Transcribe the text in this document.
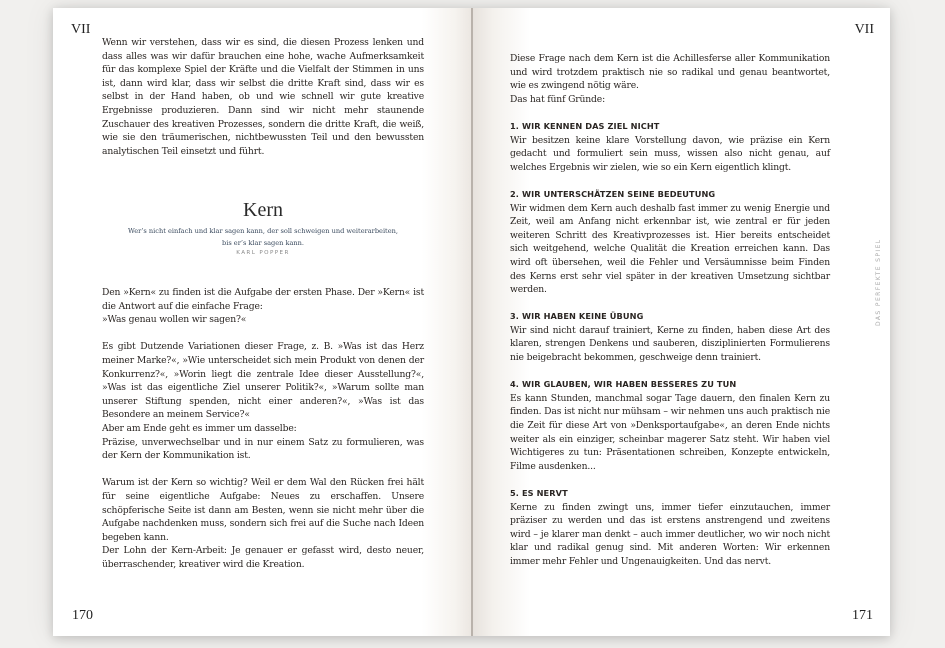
VII

Wenn wir verstehen, dass wir es sind, die diesen Prozess lenken und dass alles was wir dafür brauchen eine hohe, wache Aufmerksamkeit für das komplexe Spiel der Kräfte und die Vielfalt der Stimmen in uns ist, dann wird klar, dass wir selbst die dritte Kraft sind, dass wir es selbst in der Hand haben, ob und wie schnell wir gute kreative Ergebnisse produzieren. Dann sind wir nicht mehr staunende Zuschauer des kreativen Prozesses, sondern die dritte Kraft, die weiß, wie sie den träumerischen, nichtbewussten Teil und den bewussten analytischen Teil einsetzt und führt.

Kern
Wer’s nicht einfach und klar sagen kann, der soll schweigen und weiterarbeiten,
bis er’s klar sagen kann.
KARL POPPER

Den »Kern« zu finden ist die Aufgabe der ersten Phase. Der »Kern« ist die Antwort auf die einfache Frage:

»Was genau wollen wir sagen?«

Es gibt Dutzende Variationen dieser Frage, z. B. »Was ist das Herz meiner Marke?«, »Wie unterscheidet sich mein Produkt von denen der Konkurrenz?«, »Worin liegt die zentrale Idee dieser Ausstellung?«, »Was ist das eigentliche Ziel unserer Politik?«, »Warum sollte man unserer Stiftung spenden, nicht einer anderen?«, »Was ist das Besondere an meinem Service?«

Aber am Ende geht es immer um dasselbe:

Präzise, unverwechselbar und in nur einem Satz zu formulieren, was der Kern der Kommunikation ist.

Warum ist der Kern so wichtig? Weil er dem Wal den Rücken frei hält für seine eigentliche Aufgabe: Neues zu erschaffen. Unsere schöpferische Seite ist dann am Besten, wenn sie nicht mehr über die Aufgabe nachdenken muss, sondern sich frei auf die Suche nach Ideen begeben kann.

Der Lohn der Kern-Arbeit: Je genauer er gefasst wird, desto neuer, überraschender, kreativer wird die Kreation.

170
VII

Diese Frage nach dem Kern ist die Achillesferse aller Kommunikation und wird trotzdem praktisch nie so radikal und genau beantwortet, wie es zwingend nötig wäre.

Das hat fünf Gründe:

1. WIR KENNEN DAS ZIEL NICHT

Wir besitzen keine klare Vorstellung davon, wie präzise ein Kern gedacht und formuliert sein muss, wissen also nicht genau, auf welches Ergebnis wir zielen, wie so ein Kern eigentlich klingt.

2. WIR UNTERSCHÄTZEN SEINE BEDEUTUNG

Wir widmen dem Kern auch deshalb fast immer zu wenig Energie und Zeit, weil am Anfang nicht erkennbar ist, wie zentral er für jeden weiteren Schritt des Kreativprozesses ist. Hier bereits entscheidet sich weitgehend, welche Qualität die Kreation erreichen kann. Das wird oft übersehen, weil die Fehler und Versäumnisse beim Finden des Kerns erst sehr viel später in der kreativen Umsetzung sichtbar werden.

3. WIR HABEN KEINE ÜBUNG

Wir sind nicht darauf trainiert, Kerne zu finden, haben diese Art des klaren, strengen Denkens und sauberen, disziplinierten Formulierens nie beigebracht bekommen, geschweige denn trainiert.

4. WIR GLAUBEN, WIR HABEN BESSERES ZU TUN

Es kann Stunden, manchmal sogar Tage dauern, den finalen Kern zu finden. Das ist nicht nur mühsam – wir nehmen uns auch praktisch nie die Zeit für diese Art von »Denksportaufgabe«, an deren Ende nichts weiter als ein einziger, scheinbar magerer Satz steht. Wir haben viel Wichtigeres zu tun: Präsentationen schreiben, Konzepte entwickeln, Filme ausdenken...

5. ES NERVT

Kerne zu finden zwingt uns, immer tiefer einzutauchen, immer präziser zu werden und das ist erstens anstrengend und zweitens wird – je klarer man denkt – auch immer deutlicher, wo wir noch nicht klar und radikal genug sind. Mit anderen Worten: Wir erkennen immer mehr Fehler und Ungenauigkeiten. Und das nervt.

DAS PERFEKTE SPIEL
171
